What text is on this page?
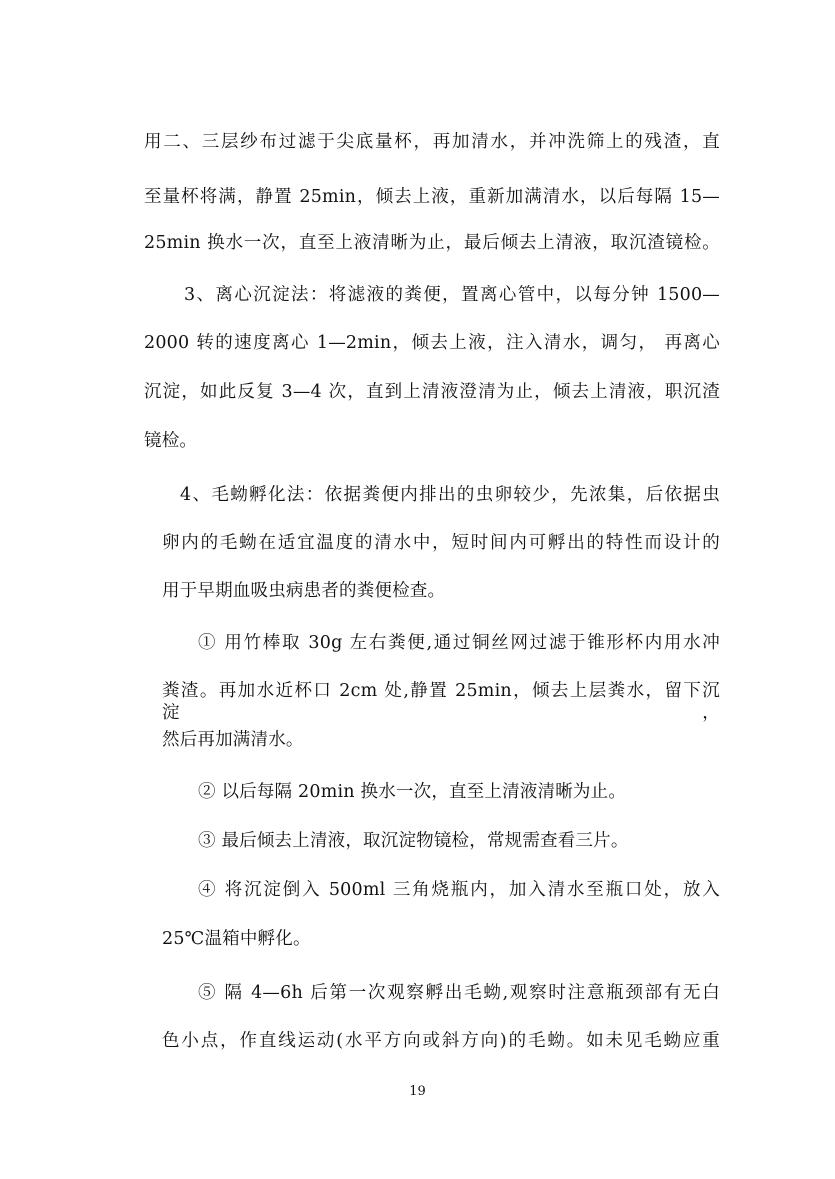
用二、三层纱布过滤于尖底量杯，再加清水，并冲洗筛上的残渣，直
至量杯将满，静置 25min，倾去上液，重新加满清水，以后每隔 15—
25min 换水一次，直至上液清晰为止，最后倾去上清液，取沉渣镜检。
3、离心沉淀法：将滤液的粪便，置离心管中，以每分钟 1500—
2000 转的速度离心 1—2min，倾去上液，注入清水，调匀， 再离心
沉淀，如此反复 3—4 次，直到上清液澄清为止，倾去上清液，职沉渣
镜检。
4、毛蚴孵化法：依据粪便内排出的虫卵较少，先浓集，后依据虫
卵内的毛蚴在适宜温度的清水中，短时间内可孵出的特性而设计的
用于早期血吸虫病患者的粪便检查。
① 用竹棒取 30g 左右粪便,通过铜丝网过滤于锥形杯内用水冲
粪渣。再加水近杯口 2cm 处,静置 25min，倾去上层粪水，留下沉淀，
然后再加满清水。
② 以后每隔 20min 换水一次，直至上清液清晰为止。
③ 最后倾去上清液，取沉淀物镜检，常规需查看三片。
④ 将沉淀倒入 500ml 三角烧瓶内，加入清水至瓶口处，放入
25℃温箱中孵化。
⑤ 隔 4—6h 后第一次观察孵出毛蚴,观察时注意瓶颈部有无白
色小点，作直线运动(水平方向或斜方向)的毛蚴。如未见毛蚴应重
19
